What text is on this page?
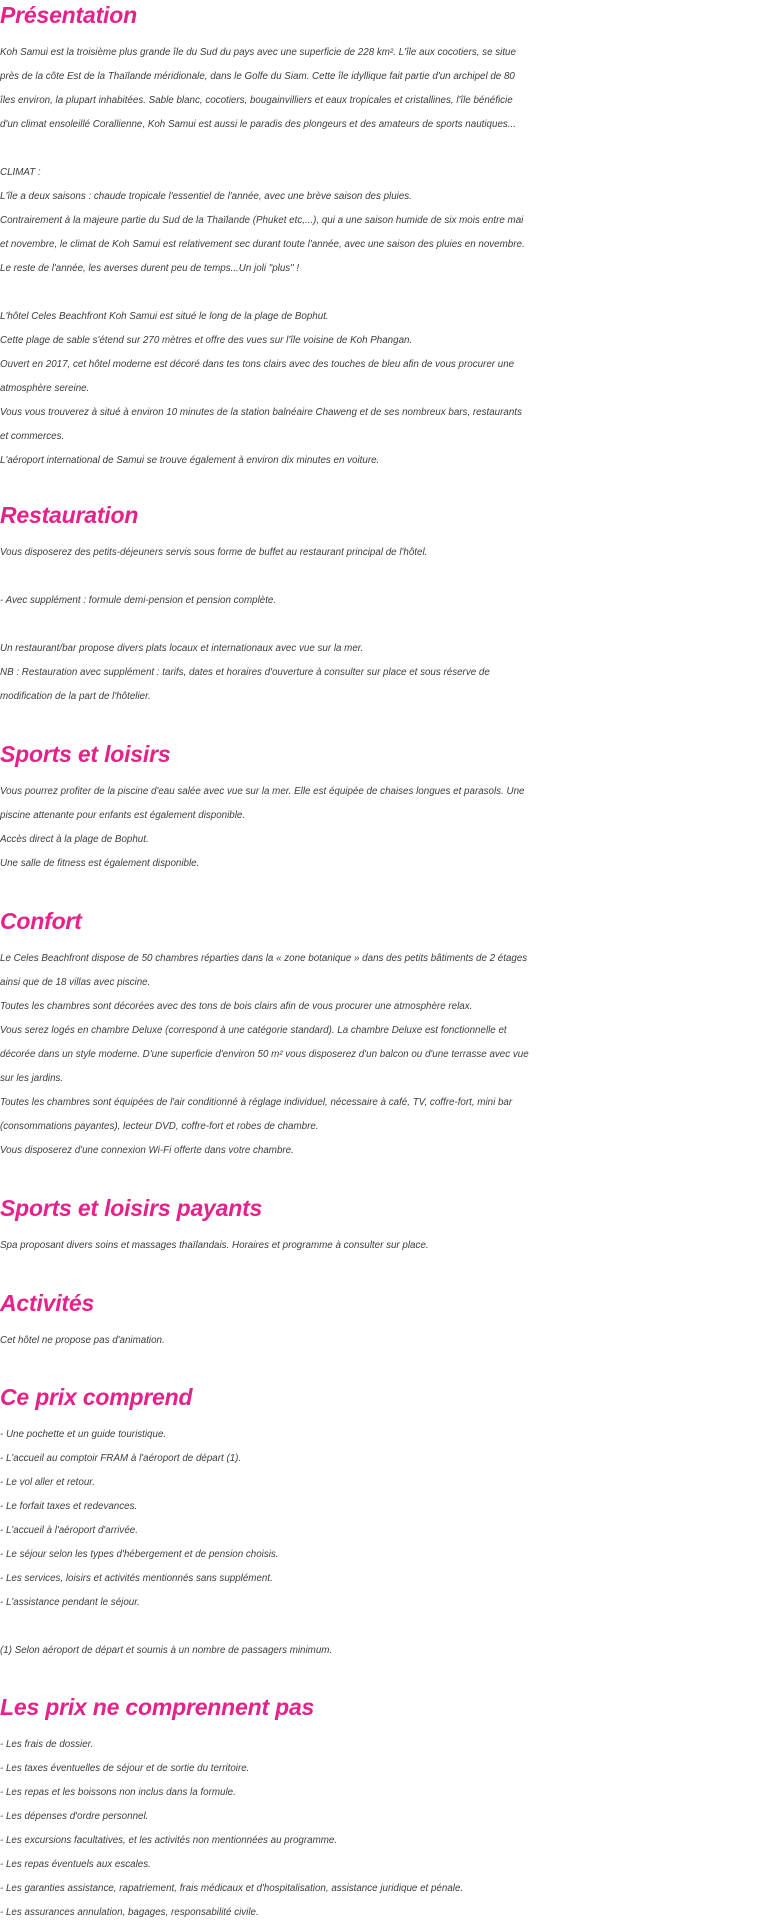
Présentation
Koh Samui est la troisième plus grande île du Sud du pays avec une superficie de 228 km². L'île aux cocotiers, se situe
près de la côte Est de la Thaïlande méridionale, dans le Golfe du Siam. Cette île idyllique fait partie d'un archipel de 80
îles environ, la plupart inhabitées. Sable blanc, cocotiers, bougainvilliers et eaux tropicales et cristallines, l'île bénéficie
d'un climat ensoleillé Corallienne, Koh Samui est aussi le paradis des plongeurs et des amateurs de sports nautiques...
CLIMAT :
L'île a deux saisons : chaude tropicale l'essentiel de l'année, avec une brève saison des pluies.
Contrairement à la majeure partie du Sud de la Thaïlande (Phuket etc,...), qui a une saison humide de six mois entre mai
et novembre, le climat de Koh Samui est relativement sec durant toute l'année, avec une saison des pluies en novembre.
Le reste de l'année, les averses durent peu de temps...Un joli "plus" !
L'hôtel Celes Beachfront Koh Samui est situé le long de la plage de Bophut.
Cette plage de sable s'étend sur 270 mètres et offre des vues sur l'île voisine de Koh Phangan.
Ouvert en 2017, cet hôtel moderne est décoré dans tes tons clairs avec des touches de bleu afin de vous procurer une
atmosphère sereine.
Vous vous trouverez à situé à environ 10 minutes de la station balnéaire Chaweng et de ses nombreux bars, restaurants
et commerces.
L'aéroport international de Samui se trouve également à environ dix minutes en voiture.
Restauration
Vous disposerez des petits-déjeuners servis sous forme de buffet au restaurant principal de l'hôtel.
- Avec supplément : formule demi-pension et pension complète.
Un restaurant/bar propose divers plats locaux et internationaux avec vue sur la mer.
NB : Restauration avec supplément : tarifs, dates et horaires d'ouverture à consulter sur place et sous réserve de
modification de la part de l'hôtelier.
Sports et loisirs
Vous pourrez profiter de la piscine d'eau salée avec vue sur la mer. Elle est équipée de chaises longues et parasols. Une
piscine attenante pour enfants est également disponible.
Accès direct à la plage de Bophut.
Une salle de fitness est également disponible.
Confort
Le Celes Beachfront dispose de 50 chambres réparties dans la « zone botanique » dans des petits bâtiments de 2 étages
ainsi que de 18 villas avec piscine.
Toutes les chambres sont décorées avec des tons de bois clairs afin de vous procurer une atmosphère relax.
Vous serez logés en chambre Deluxe (correspond à une catégorie standard). La chambre Deluxe est fonctionnelle et
décorée dans un style moderne. D'une superficie d'environ 50 m² vous disposerez d'un balcon ou d'une terrasse avec vue
sur les jardins.
Toutes les chambres sont équipées de l'air conditionné à réglage individuel, nécessaire à café, TV, coffre-fort, mini bar
(consommations payantes), lecteur DVD, coffre-fort et robes de chambre.
Vous disposerez d'une connexion Wi-Fi offerte dans votre chambre.
Sports et loisirs payants
Spa proposant divers soins et massages thaïlandais. Horaires et programme à consulter sur place.
Activités
Cet hôtel ne propose pas d'animation.
Ce prix comprend
- Une pochette et un guide touristique.
- L'accueil au comptoir FRAM à l'aéroport de départ (1).
- Le vol aller et retour.
- Le forfait taxes et redevances.
- L'accueil à l'aéroport d'arrivée.
- Le séjour selon les types d'hébergement et de pension choisis.
- Les services, loisirs et activités mentionnés sans supplément.
- L'assistance pendant le séjour.
(1) Selon aéroport de départ et soumis à un nombre de passagers minimum.
Les prix ne comprennent pas
- Les frais de dossier.
- Les taxes éventuelles de séjour et de sortie du territoire.
- Les repas et les boissons non inclus dans la formule.
- Les dépenses d'ordre personnel.
- Les excursions facultatives, et les activités non mentionnées au programme.
- Les repas éventuels aux escales.
- Les garanties assistance, rapatriement, frais médicaux et d'hospitalisation, assistance juridique et pénale.
- Les assurances annulation, bagages, responsabilité civile.
